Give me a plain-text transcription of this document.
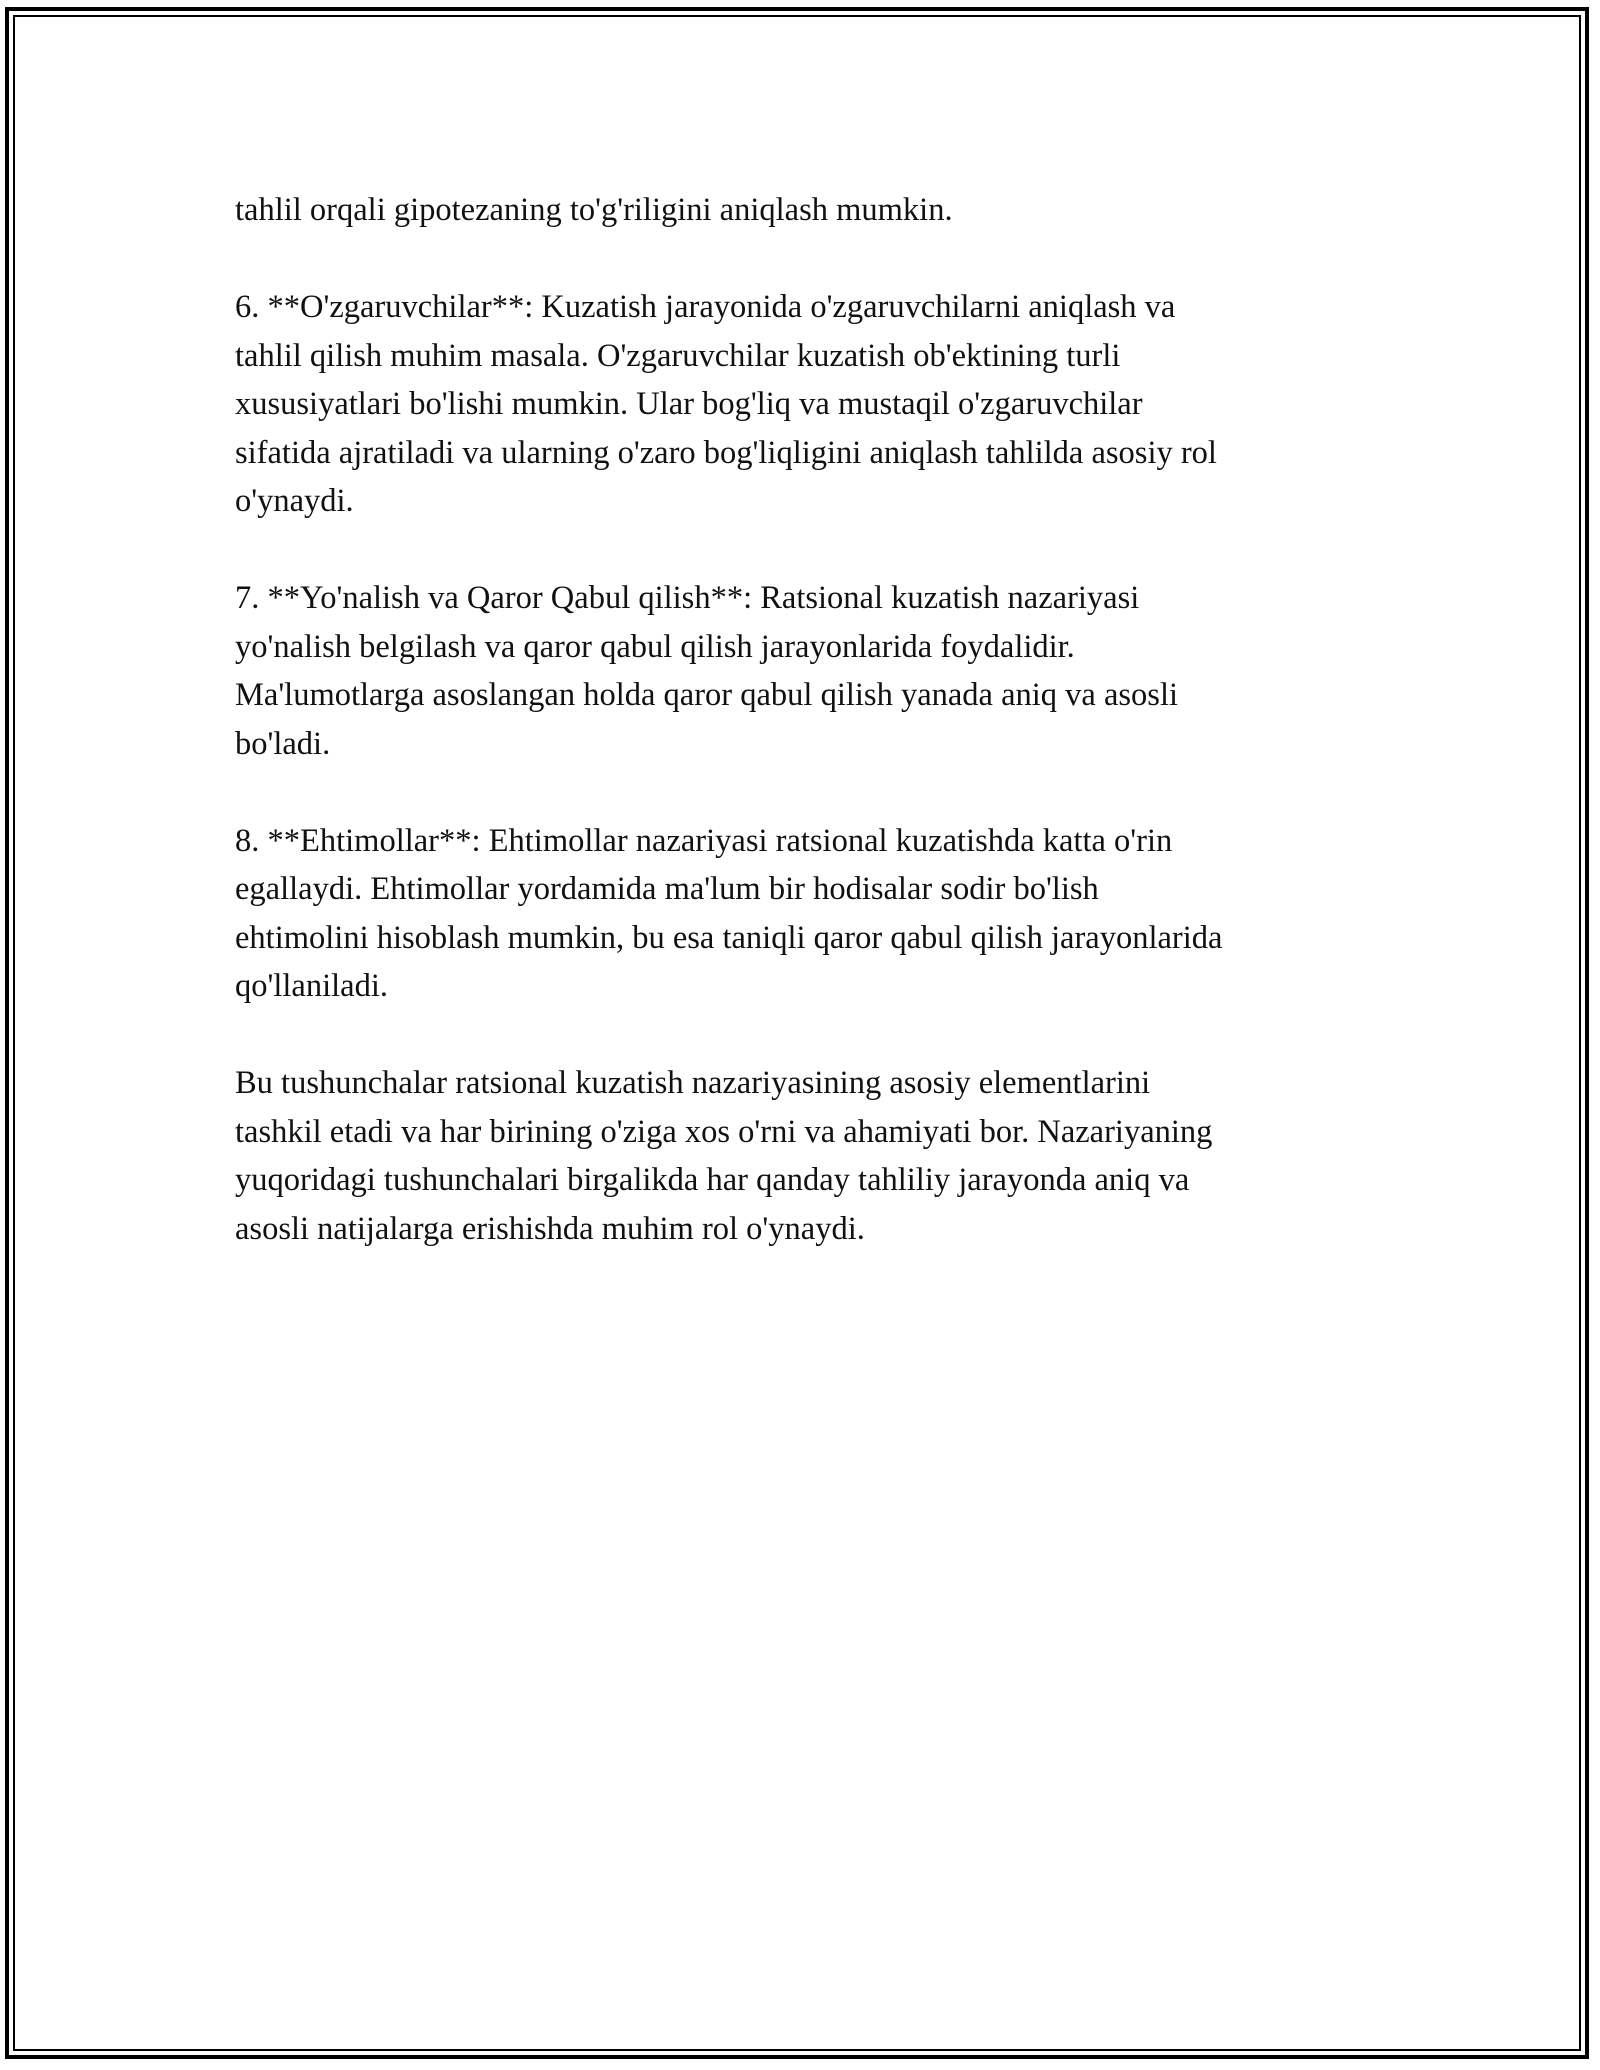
tahlil orqali gipotezaning to'g'riligini aniqlash mumkin.

6. **O'zgaruvchilar**: Kuzatish jarayonida o'zgaruvchilarni aniqlash va
tahlil qilish muhim masala. O'zgaruvchilar kuzatish ob'ektining turli
xususiyatlari bo'lishi mumkin. Ular bog'liq va mustaqil o'zgaruvchilar
sifatida ajratiladi va ularning o'zaro bog'liqligini aniqlash tahlilda asosiy rol
o'ynaydi.

7. **Yo'nalish va Qaror Qabul qilish**: Ratsional kuzatish nazariyasi
yo'nalish belgilash va qaror qabul qilish jarayonlarida foydalidir.
Ma'lumotlarga asoslangan holda qaror qabul qilish yanada aniq va asosli
bo'ladi.

8. **Ehtimollar**: Ehtimollar nazariyasi ratsional kuzatishda katta o'rin
egallaydi. Ehtimollar yordamida ma'lum bir hodisalar sodir bo'lish
ehtimolini hisoblash mumkin, bu esa taniqli qaror qabul qilish jarayonlarida
qo'llaniladi.

Bu tushunchalar ratsional kuzatish nazariyasining asosiy elementlarini
tashkil etadi va har birining o'ziga xos o'rni va ahamiyati bor. Nazariyaning
yuqoridagi tushunchalari birgalikda har qanday tahliliy jarayonda aniq va
asosli natijalarga erishishda muhim rol o'ynaydi.
